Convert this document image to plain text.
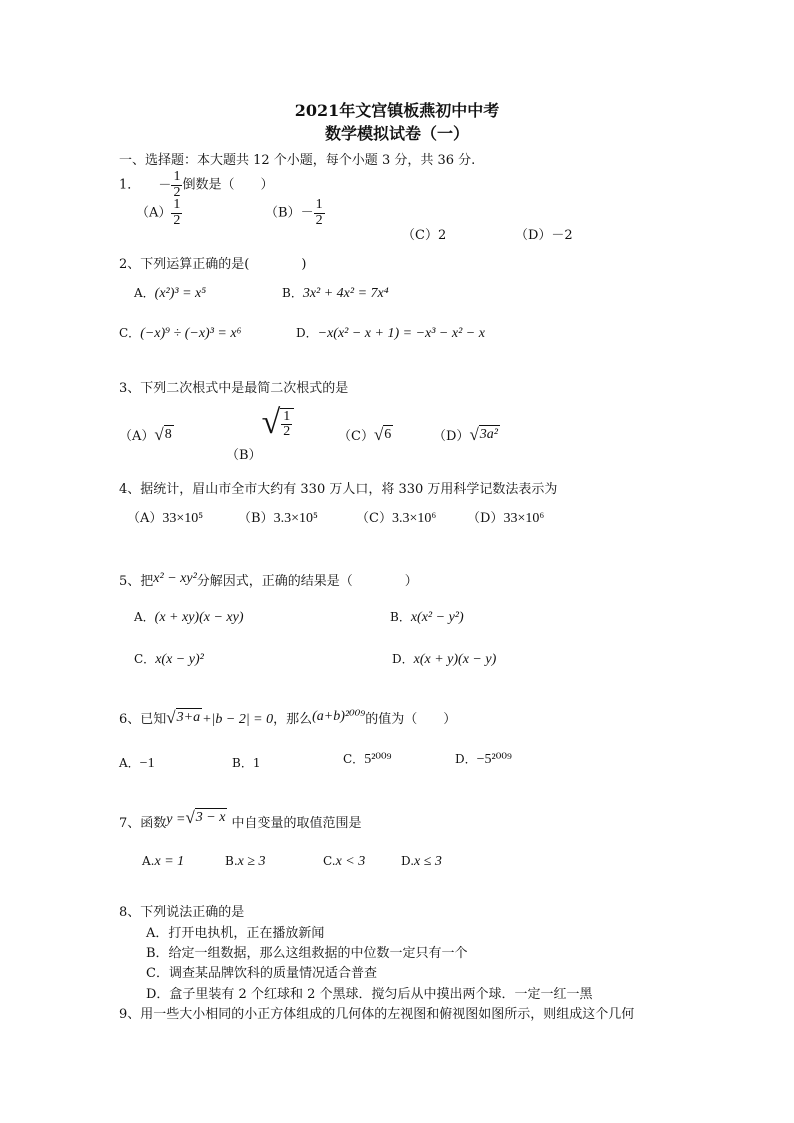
2021年文宫镇板燕初中中考
数学模拟试卷（一）
一、选择题：本大题共 12 个小题，每个小题 3 分，共 36 分.
1． － $\frac{1}{2}$ 倒数是（　　）
$(A) \frac{1}{2}$	$(B)- \frac{1}{2}$
（C）2	（D）－2
2、下列运算正确的是(　　　　)
A．(x²)³ = x⁵	B．3x² + 4x² = 7x⁴
C．(−x)⁹ ÷ (−x)³ = x⁶	D．−x(x² − x + 1) = −x³ − x² − x
3、下列二次根式中是最简二次根式的是
（A） √ 8
（B）
√ $\frac{1}{2}$	（C） √ 6	（D） √ 3a²
4、据统计，眉山市全市大约有 330 万人口，将 330 万用科学记数法表示为
（A）33×10⁵	（B）3.3×10⁵	（C）3.3×10⁶ （D）33×10⁶
5、把x² − xy²分解因式，正确的结果是（　　　　）
A．(x + xy)(x − xy)	B．x(x² − y²)
C．x(x − y)²	D．x(x + y)(x − y)
6、已知 √ 3+a +|b − 2| = 0，那么(a+b)²⁰⁰⁹的值为（　　）
A．−1	B．1	C．5²⁰⁰⁹	D．−5²⁰⁰⁹
7、函数y = √ 3 − x 中自变量的取值范围是
A.x = 1	B.x ≥ 3	C.x < 3	D.x ≤ 3
8、下列说法正确的是
A．打开电执机，正在播放新闻
B．给定一组数据，那么这组救据的中位数一定只有一个
C．调查某品牌饮科的质量情况适合普查
D．盒子里装有 2 个红球和 2 个黑球．搅匀后从中摸出两个球．一定一红一黑
9、用一些大小相同的小正方体组成的几何体的左视图和俯视图如图所示，则组成这个几何
